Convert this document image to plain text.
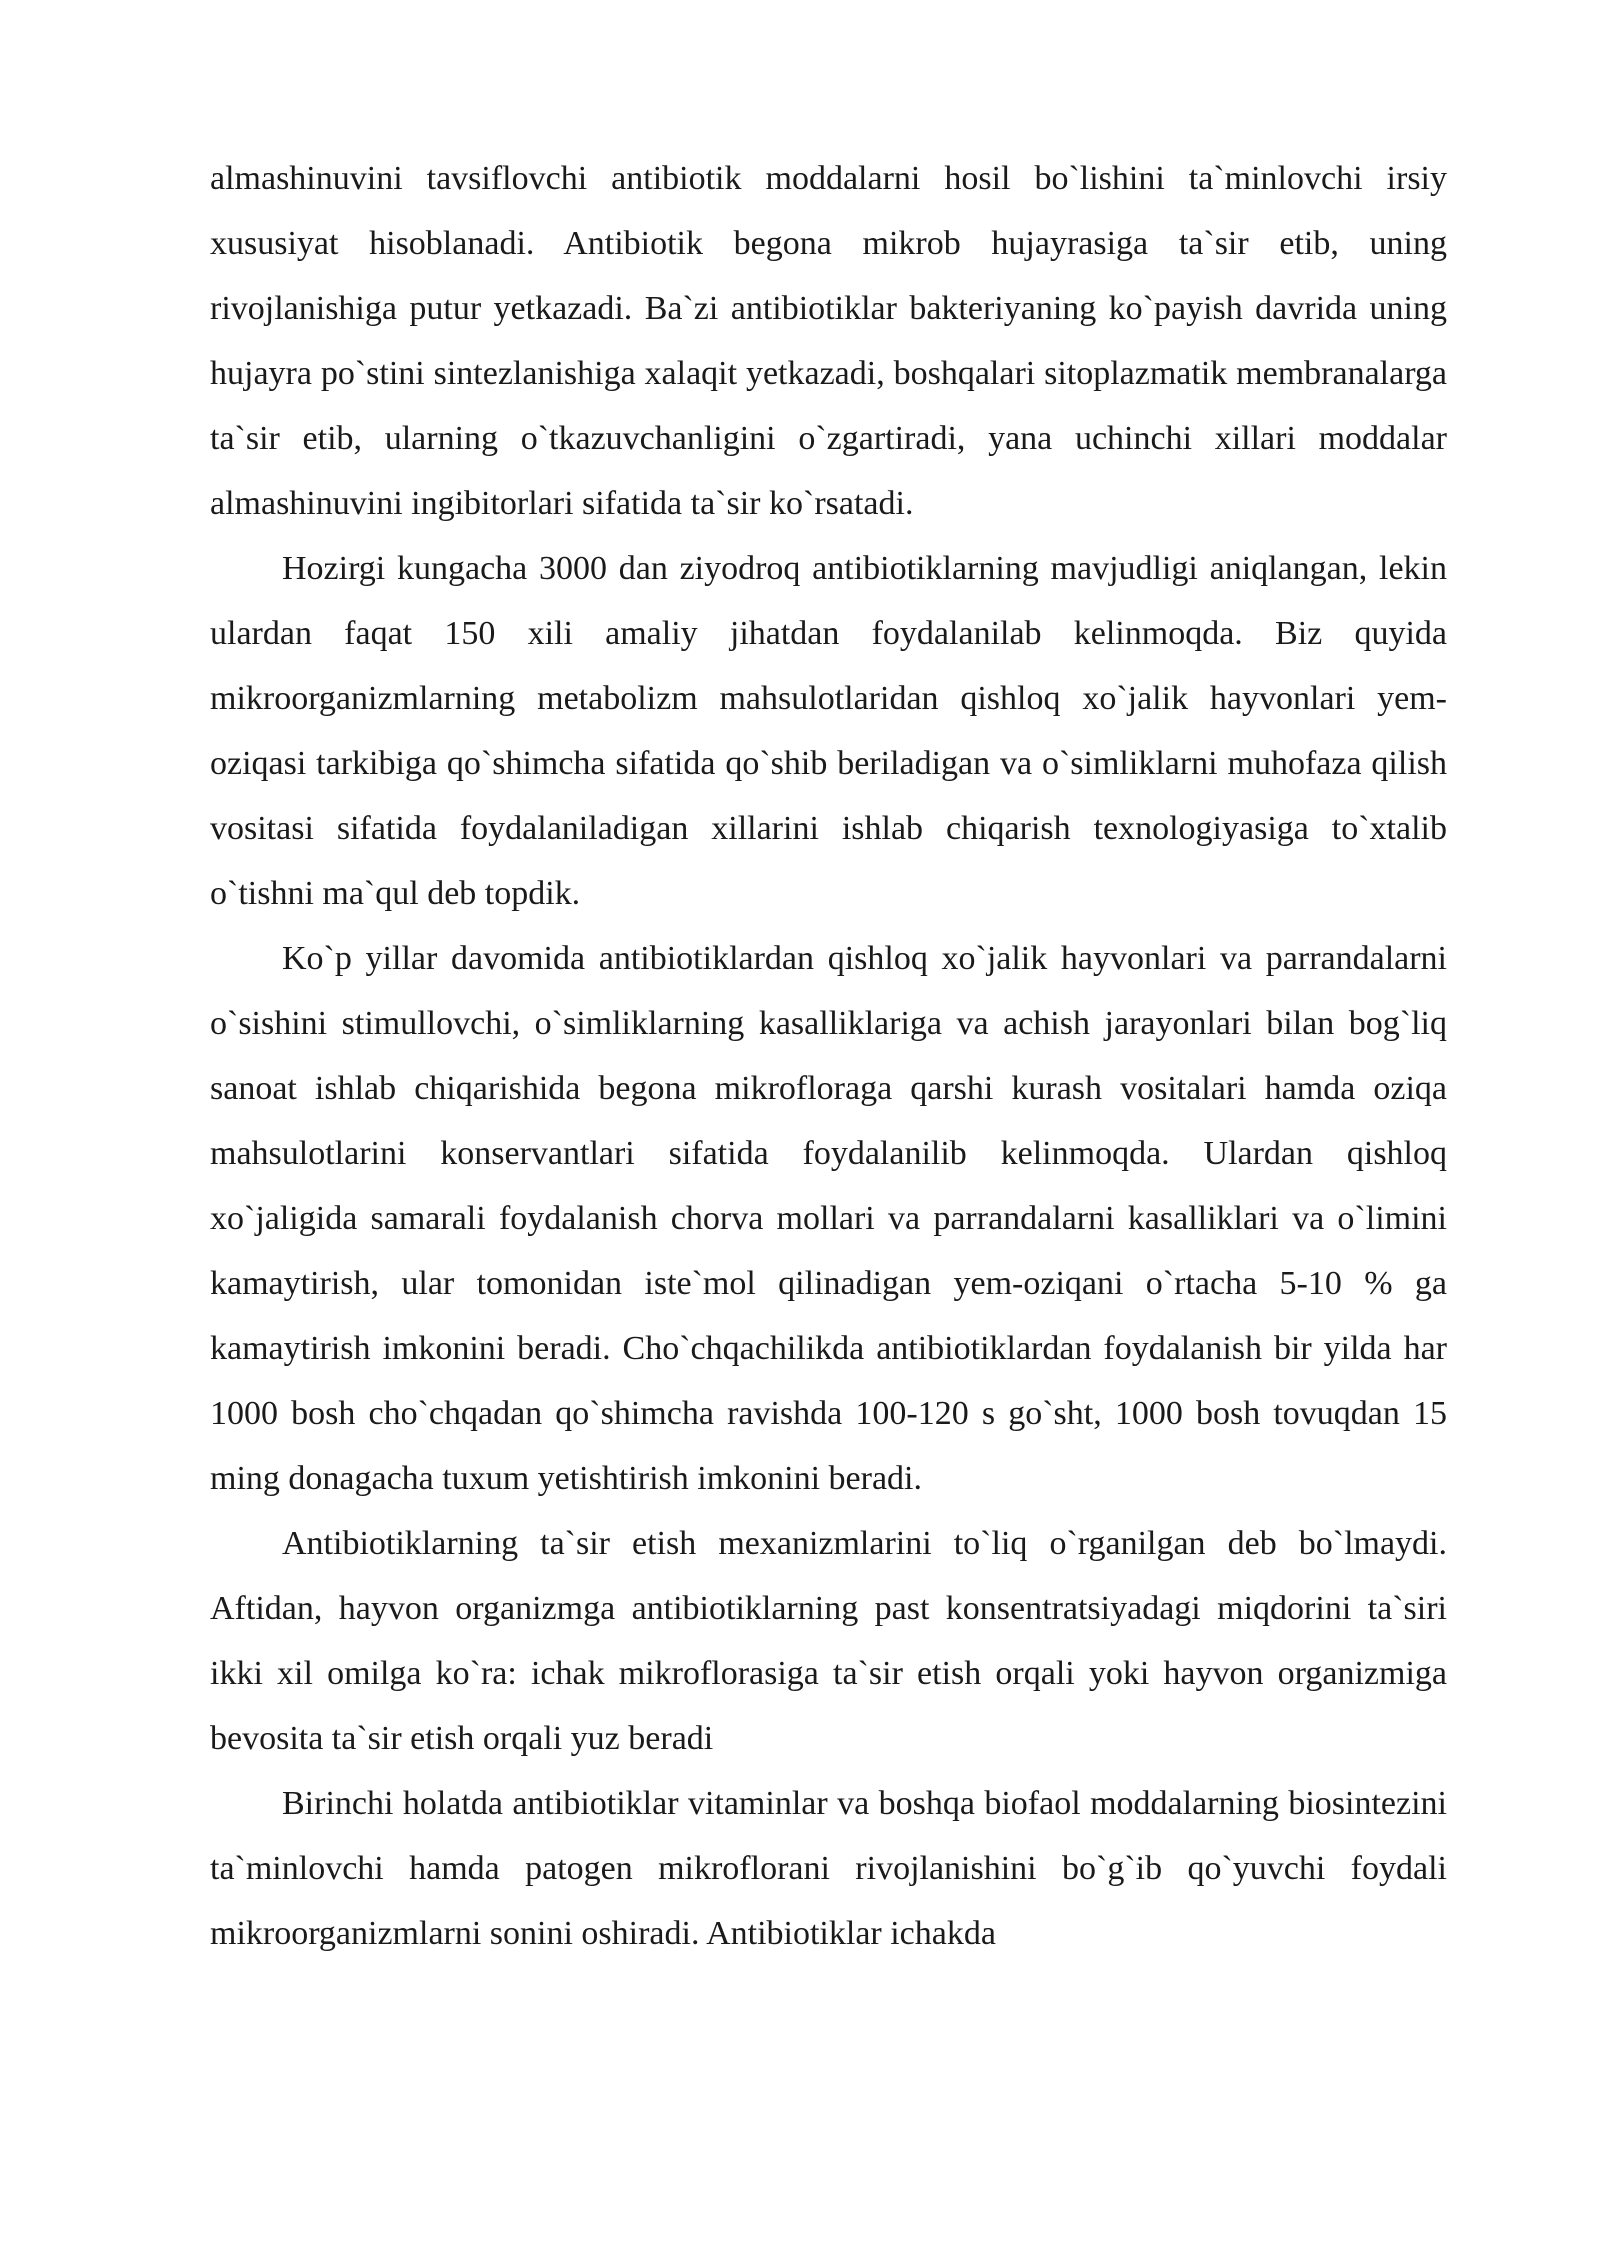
almashinuvini tavsiflovchi antibiotik moddalarni hosil bo`lishini ta`minlovchi irsiy xususiyat hisoblanadi. Antibiotik begona mikrob hujayrasiga ta`sir etib, uning rivojlanishiga putur yetkazadi. Ba`zi antibiotiklar bakteriyaning ko`payish davrida uning hujayra po`stini sintezlanishiga xalaqit yetkazadi, boshqalari sitoplazmatik membranalarga ta`sir etib, ularning o`tkazuvchanligini o`zgartiradi, yana uchinchi xillari moddalar almashinuvini ingibitorlari sifatida ta`sir ko`rsatadi.

Hozirgi kungacha 3000 dan ziyodroq antibiotiklarning mavjudligi aniqlangan, lekin ulardan faqat 150 xili amaliy jihatdan foydalanilab kelinmoqda. Biz quyida mikroorganizmlarning metabolizm mahsulotlaridan qishloq xo`jalik hayvonlari yem-oziqasi tarkibiga qo`shimcha sifatida qo`shib beriladigan va o`simliklarni muhofaza qilish vositasi sifatida foydalaniladigan xillarini ishlab chiqarish texnologiyasiga to`xtalib o`tishni ma`qul deb topdik.

Ko`p yillar davomida antibiotiklardan qishloq xo`jalik hayvonlari va parrandalarni o`sishini stimullovchi, o`simliklarning kasalliklariga va achish jarayonlari bilan bog`liq sanoat ishlab chiqarishida begona mikrofloraga qarshi kurash vositalari hamda oziqa mahsulotlarini konservantlari sifatida foydalanilib kelinmoqda. Ulardan qishloq xo`jaligida samarali foydalanish chorva mollari va parrandalarni kasalliklari va o`limini kamaytirish, ular tomonidan iste`mol qilinadigan yem-oziqani o`rtacha 5-10 % ga kamaytirish imkonini beradi. Cho`chqachilikda antibiotiklardan foydalanish bir yilda har 1000 bosh cho`chqadan qo`shimcha ravishda 100-120 s go`sht, 1000 bosh tovuqdan 15 ming donagacha tuxum yetishtirish imkonini beradi.

Antibiotiklarning ta`sir etish mexanizmlarini to`liq o`rganilgan deb bo`lmaydi. Aftidan, hayvon organizmga antibiotiklarning past konsentratsiyadagi miqdorini ta`siri ikki xil omilga ko`ra: ichak mikroflorasiga ta`sir etish orqali yoki hayvon organizmiga bevosita ta`sir etish orqali yuz beradi

Birinchi holatda antibiotiklar vitaminlar va boshqa biofaol moddalarning biosintezini ta`minlovchi hamda patogen mikroflorani rivojlanishini bo`g`ib qo`yuvchi foydali mikroorganizmlarni sonini oshiradi. Antibiotiklar ichakda
